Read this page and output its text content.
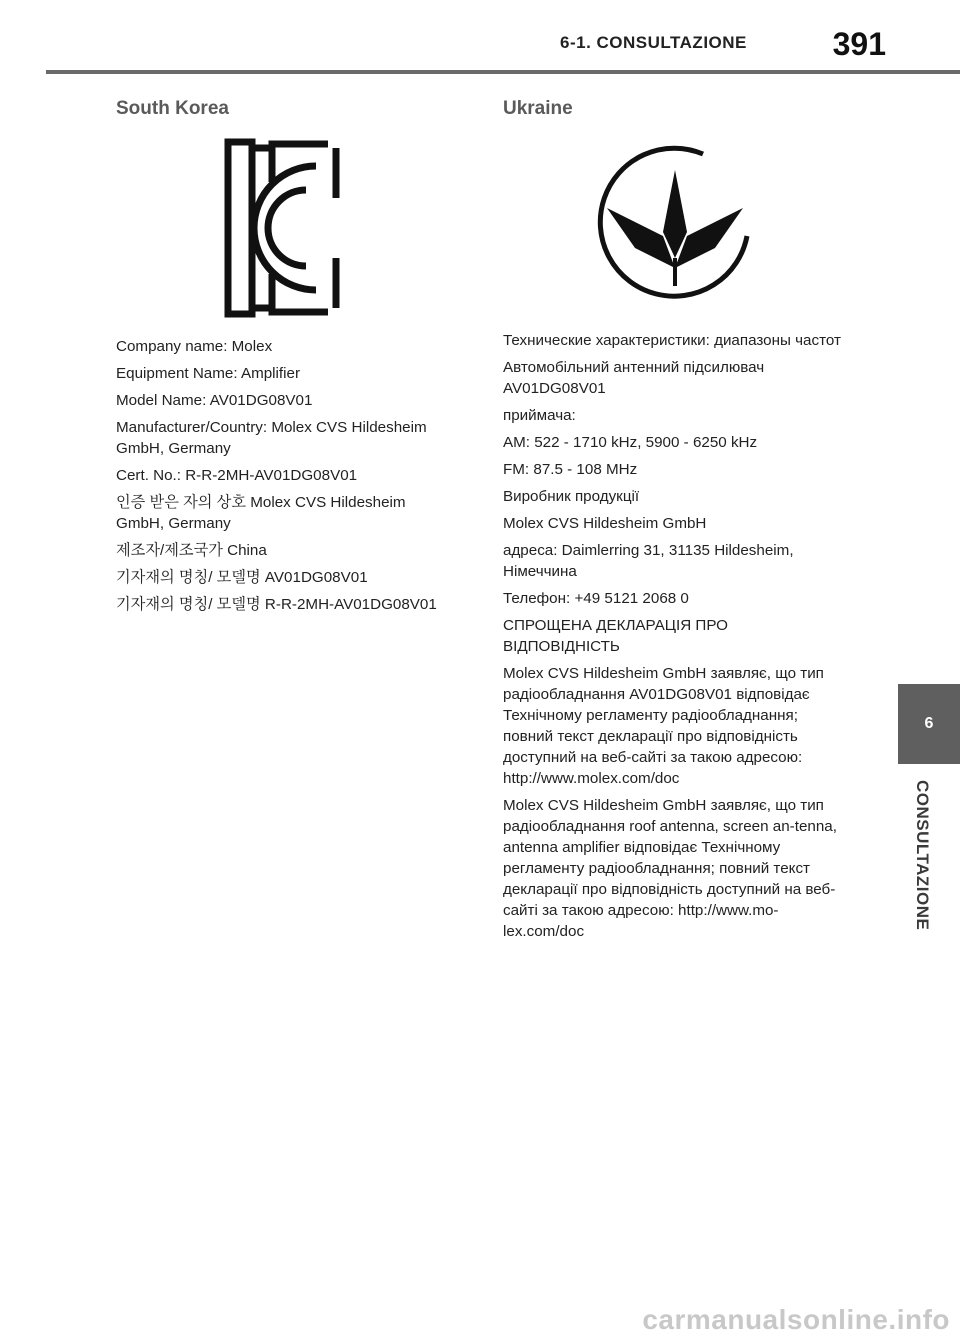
6-1. CONSULTAZIONE	391
South Korea

Company name: Molex

Equipment Name: Amplifier

Model Name: AV01DG08V01

Manufacturer/Country: Molex CVS Hildesheim GmbH, Germany

Cert. No.: R-R-2MH-AV01DG08V01

인증 받은 자의 상호 Molex CVS Hildesheim GmbH, Germany

제조자/제조국가 China

기자재의 명칭/ 모델명 AV01DG08V01

기자재의 명칭/ 모델명 R-R-2MH-AV01DG08V01

Ukraine

Технические характеристики: диапазоны частот

Автомобільний антенний підсилювач AV01DG08V01

приймача:

AM: 522 - 1710 kHz, 5900 - 6250 kHz

FM: 87.5 - 108 MHz

Виробник продукції

Molex CVS Hildesheim GmbH

адреса: Daimlerring 31, 31135 Hildesheim, Німеччина

Телефон: +49 5121 2068 0

СПРОЩЕНА ДЕКЛАРАЦІЯ ПРО ВІДПОВІДНІСТЬ

Molex CVS Hildesheim GmbH заявляє, що тип радіообладнання AV01DG08V01 відповідає Технічному регламенту радіообладнання; повний текст декларації про відповідність доступний на веб-сайті за такою адресою: http://www.molex.com/doc

Molex CVS Hildesheim GmbH заявляє, що тип радіообладнання roof antenna, screen an-tenna, antenna amplifier відповідає Технічному регламенту радіообладнання; повний текст декларації про відповідність доступний на веб-сайті за такою адресою: http://www.mo-lex.com/doc

6
CONSULTAZIONE
carmanualsonline.info
